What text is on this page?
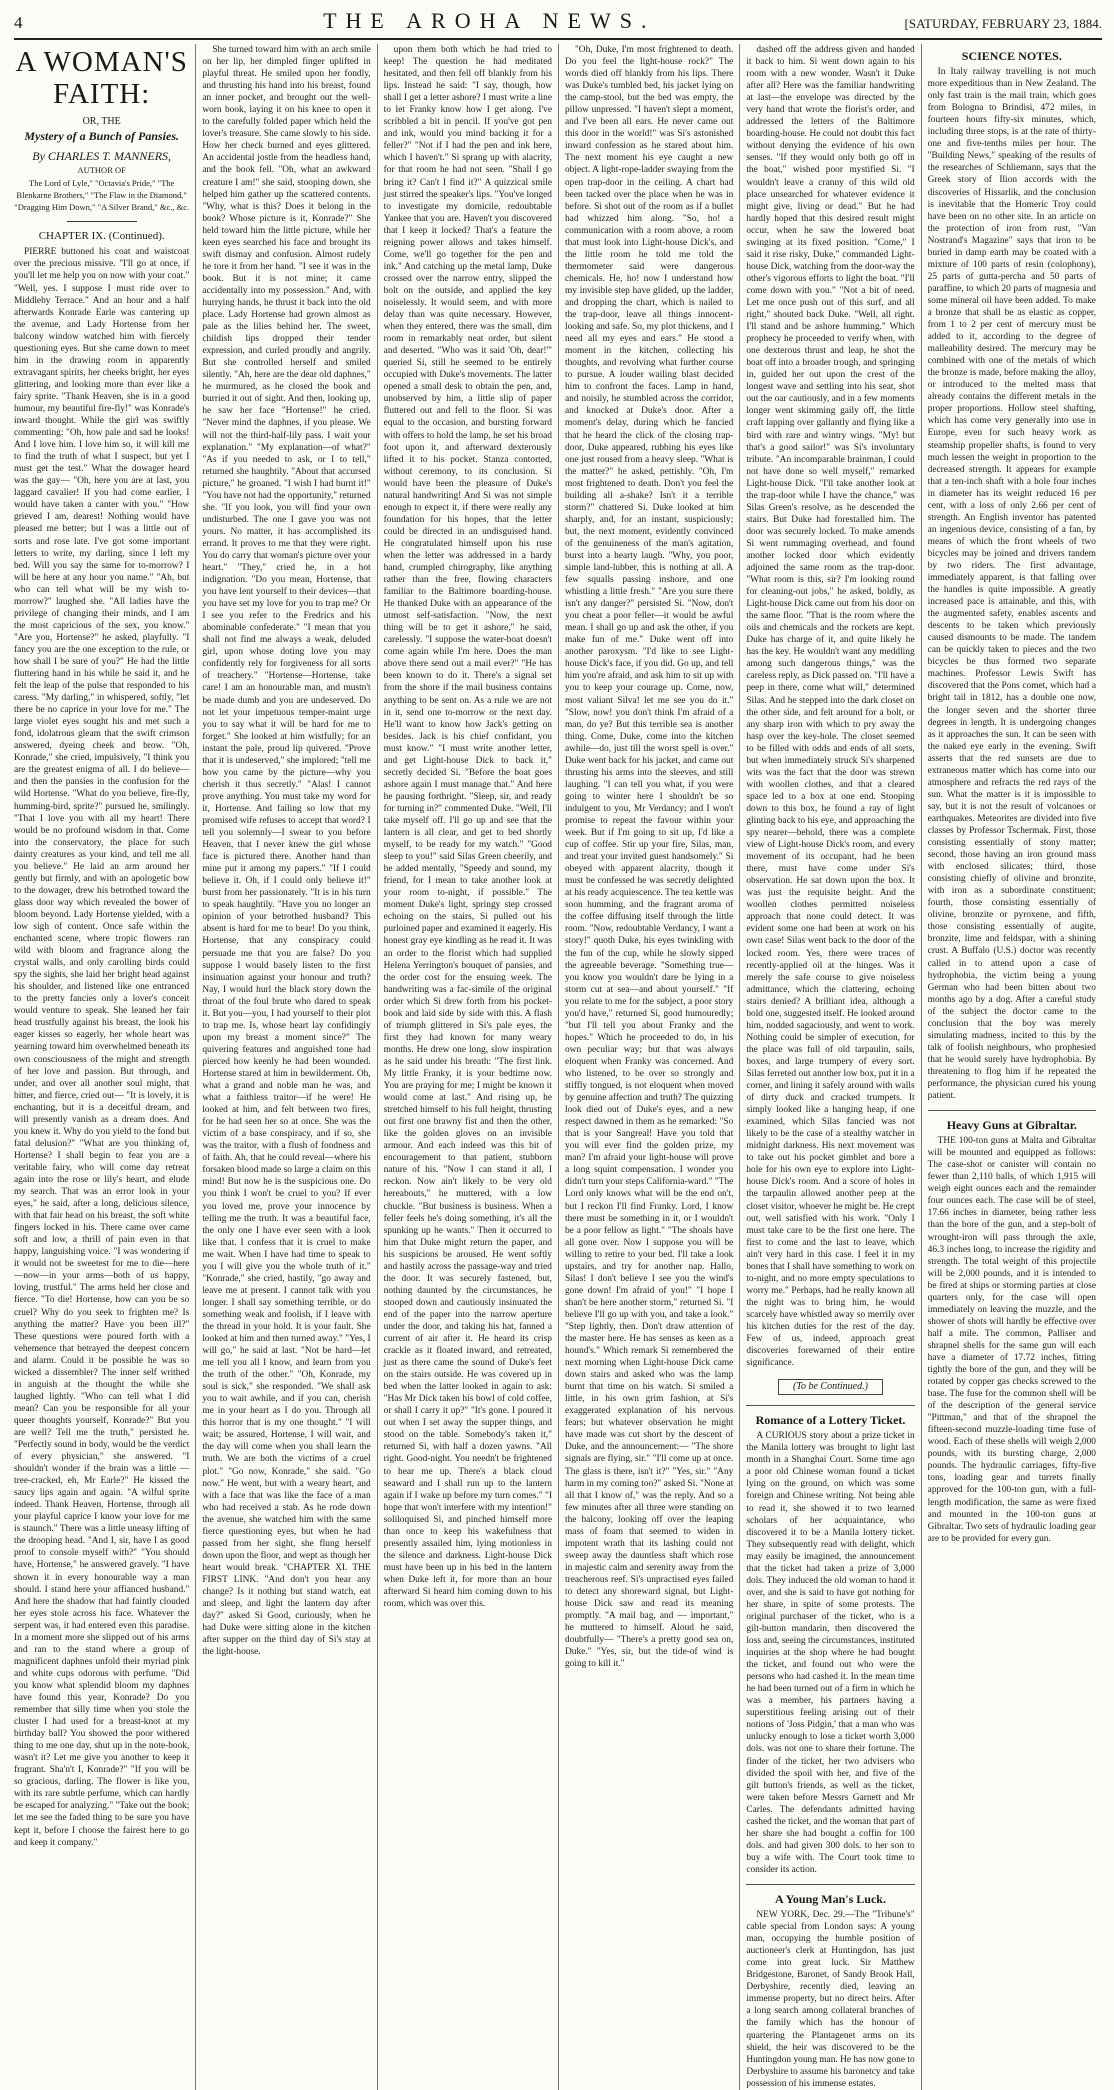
4	THE AROHA NEWS.	[SATURDAY, FEBRUARY 23, 1884.
A WOMAN'S FAITH:
OR, THE
Mystery of a Bunch of Pansies.
By CHARLES T. MANNERS,
AUTHOR OF
The Lord of Lyle," "Octavia's Pride," "The Blenkarne Brothers," "The Flaw in the Diamond," "Dragging Him Down," "A Silver Brand," &c., &c.
CHAPTER IX. (Continued).

PIERRE buttoned his coat and waistcoat over the precious missive. "I'll go at once, if you'll let me help you on now with your coat." "Well, yes. I suppose I must ride over to Middleby Terrace." And an hour and a half afterwards Konrade Earle was cantering up the avenue, and Lady Hortense from her balcony window watched him with fiercely questioning eyes. But she came down to meet him in the drawing room in apparently extravagant spirits, her cheeks bright, her eyes glittering, and looking more than ever like a fairy sprite. "Thank Heaven, she is in a good humour, my beautiful fire-fly!" was Konrade's inward thought. While the girl was swiftly commenting: "Oh, how pale and sad he looks! And I love him. I love him so, it will kill me to find the truth of what I suspect, but yet I must get the test." What the dowager heard was the gay— "Oh, here you are at last, you laggard cavalier! If you had come earlier, I would have taken a canter with you." "How grieved I am, dearest! Nothing would have pleased me better; but I was a little out of sorts and rose late. I've got some important letters to write, my darling, since I left my bed. Will you say the same for to-morrow? I will be here at any hour you name." "Ah, but who can tell what will be my wish to-morrow?" laughed she. "All ladies have the privilege of changing their minds, and I am the most capricious of the sex, you know." "Are you, Hortense?" he asked, playfully. "I fancy you are the one exception to the rule, or how shall I be sure of you?" He had the little fluttering hand in his while he said it, and he felt the leap of the pulse that responded to his caress. "My darling," in whispered, softly, "let there be no caprice in your love for me." The large violet eyes sought his and met such a fond, idolatrous gleam that the swift crimson answered, dyeing cheek and brow. "Oh, Konrade," she cried, impulsively, "I think you are the greatest enigma of all. I do believe—and then the pansies in the confusion for the wild Hortense. "What do you believe, fire-fly, humming-bird, sprite?" pursued he, smilingly. "That I love you with all my heart! There would be no profound wisdom in that. Come into the conservatory, the place for such dainty creatures as your kind, and tell me all you believe." He laid an arm around her gently but firmly, and with an apologetic bow to the dowager, drew his betrothed toward the glass door way which revealed the bower of bloom beyond. Lady Hortense yielded, with a low sigh of content. Once safe within the enchanted scene, where tropic flowers ran wild with bloom and fragrance along the crystal walls, and only carolling birds could spy the sights, she laid her bright head against his shoulder, and listened like one entranced to the pretty fancies only a lover's conceit would venture to speak. She leaned her fair head trustfully against his breast, the look his eager kisses so eagerly, her whole heart was yearning toward him overwhelmed beneath its own consciousness of the might and strength of her love and passion. But through, and under, and over all another soul might, that bitter, and fierce, cried out— "It is lovely, it is enchanting, but it is a deceitful dream, and will presently vanish as a dream does. And you knew it. Why do you yield to the fond but fatal delusion?" "What are you thinking of, Hortense? I shall begin to fear you are a veritable fairy, who will come day retreat again into the rose or lily's heart, and elude my search. That was an error look in your eyes," he said, after a long, delicious silence, with that fair head on his breast, the soft white fingers locked in his. There came over came soft and low, a thrill of pain even in that happy, languishing voice. "I was wondering if it would not be sweetest for me to die—here—now—in your arms—both of us happy, loving, trustful." The arms held her close and fierce. "To die! Hortense, how can you be so cruel? Why do you seek to frighten me? Is anything the matter? Have you been ill?" These questions were poured forth with a vehemence that betrayed the deepest concern and alarm. Could it be possible he was so wicked a dissembler? The inner self writhed in anguish at the thought the while she laughed lightly. "Who can tell what I did mean? Can you be responsible for all your queer thoughts yourself, Konrade?" But you are well? Tell me the truth," persisted he. "Perfectly sound in body, would be the verdict of every physician," she answered. "I shouldn't wonder if the brain was a little —tree-cracked, eh, Mr Earle?" He kissed the saucy lips again and again. "A wilful sprite indeed. Thank Heaven, Hortense, through all your playful caprice I know your love for me is staunch." There was a little uneasy lifting of the drooping head. "And I, sir, have I as good proof to console myself with?" "You should have, Hortense," he answered gravely. "I have shown it in every honourable way a man should. I stand here your affianced husband." And here the shadow that had faintly clouded her eyes stole across his face. Whatever the serpent was, it had entered even this paradise. In a moment more she slipped out of his arms and ran to the stand where a group of magnificent daphnes unfold their myriad pink and white cups odorous with perfume. "Did you know what splendid bloom my daphnes have found this year, Konrade? Do you remember that silly time when you stole the cluster I had used for a breast-knot at my birthday ball? You showed the poor withered thing to me one day, shut up in the note-book, wasn't it? Let me give you another to keep it fragrant. Sha'n't I, Konrade?" "If you will be so gracious, darling. The flower is like you, with its rare subtle perfume, which can hardly be escaped for analyzing." "Take out the book; let me see the faded thing to be sure you have kept it, before I choose the fairest here to go and keep it company."

She turned toward him with an arch smile on her lip, her dimpled finger uplifted in playful threat. He smiled upon her fondly, and thrusting his hand into his breast, found an inner pocket, and brought out the well-worn book, laying it on his knee to open it to the carefully folded paper which held the lover's treasure. She came slowly to his side. How her check burned and eyes glittered. An accidental jostle from the headless hand, and the book fell. "Oh, what an awkward creature I am!" she said, stooping down, she helped him gather up the scattered contents. "Why, what is this? Does it belong in the book? Whose picture is it, Konrade?" She held toward him the little picture, while her keen eyes searched his face and brought its swift dismay and confusion. Almost rudely he tore it from her hand. "I see it was in the book. But it is not mine; it came accidentally into my possession." And, with hurrying hands, he thrust it back into the old place. Lady Hortense had grown almost as pale as the lilies behind her. The sweet, childish lips dropped their tender expression, and curled proudly and angrily. But she controlled herself and smiled silently. "Ah, here are the dear old daphnes," he murmured, as he closed the book and burried it out of sight. And then, looking up, he saw her face "Hortense!" he cried. "Never mind the daphnes, if you please. We will not the third-half-lily pass. I wait your explanation." "My explanation—of what?" "As if you needed to ask, or I to tell," returned she haughtily. "About that accursed picture," he groaned. "I wish I had burnt it!" "You have not had the opportunity," returned she. "If you look, you will find your own undisturbed. The one I gave you was not yours. No matter, it has accomplished its errand. It proves to me that they were right. You do carry that woman's picture over your heart." "They," cried he, in a hot indignation. "Do you mean, Hortense, that you have lent yourself to their devices—that you have set my love for you to trap me? Or I see you refer to the Fredrics and his abominable confederate." "I mean that you shall not find me always a weak, deluded girl, upon whose doting love you may confidently rely for forgiveness for all sorts of treachery." "Hortense—Hortense, take care! I am an honourable man, and mustn't be made dumb and you are undeserved. Do not let your impetuous temper-maint urge you to say what it will be hard for me to forget." She looked at him wistfully; for an instant the pale, proud lip quivered. "Prove that it is undeserved," she implored; "tell me how you came by the picture—why you cherish it thus secretly." "Alas! I cannot prove anything. You must take my word for it, Hortense. And failing so low that my promised wife refuses to accept that word? I tell you solemnly—I swear to you before Heaven, that I never knew the girl whose face is pictured there. Another hand than mine put it among my papers." "If I could believe it. Oh, if I could only believe it!" burst from her passionately. "It is in his turn to speak haughtily. "Have you no longer an opinion of your betrothed husband? This absent is hard for me to bear! Do you think, Hortense, that any conspiracy could persuade me that you are false? Do you suppose I would basely listen to the first insinuation against your honour and truth? Nay, I would hurl the black story down the throat of the foul brute who dared to speak it. But you—you, I had yourself to their plot to trap me. Is, whose heart lay confidingly upon my breast a moment since?" The quivering features and anguished tone had pierced how keenly he had been wounded. Hortense stared at him in bewilderment. Oh, what a grand and noble man he was, and what a faithless traitor—if he were! He looked at him, and felt between two fires, for he had seen her so at once. She was the victim of a base conspiracy, and if so, she was the traitor, with a flush of fondness and of faith. Ah, that he could reveal—where his forsaken blood made so large a claim on this mind! But now he is the suspicious one. Do you think I won't be cruel to you? If ever you loved me, prove your innocence by telling me the truth. It was a beautiful face, the only one I have ever seen with a look like that. I confess that it is cruel to make me wait. When I have had time to speak to you I will give you the whole truth of it." "Konrade," she cried, hastily, "go away and leave me at present. I cannot talk with you longer. I shall say something terrible, or do something weak and foolish, if I leave with the thread in your hold. It is your fault. She looked at him and then turned away." "Yes, I will go," he said at last. "Not be hard—let me tell you all I know, and learn from you the truth of the other." "Oh, Konrade, my soul is sick," she responded. "We shall ask you to wait awhile, and if you can, cherish me in your heart as I do you. Through all this horror that is my one thought." "I will wait; be assured, Hortense, I will wait, and the day will come when you shall learn the truth. We are both the victims of a cruel plot." "Go now, Konrade," she said. "Go now." He went, but with a weary heart, and with a face that was like the face of a man who had received a stab. As he rode down the avenue, she watched him with the same fierce questioning eyes, but when he had passed from her sight, she flung herself down upon the floor, and wept as though her heart would break. "CHAPTER XI. THE FIRST LINK. "And don't you hear any change? Is it nothing but stand watch, eat and sleep, and light the lantern day after day?" asked Si Good, curiously, when he had Duke were sitting alone in the kitchen after supper on the third day of Si's stay at the light-house.

upon them both which he had tried to keep! The question he had meditated hesitated, and then fell off blankly from his lips. Instead he said: "I say, though, how shall I get a letter ashore? I must write a line to let Franky know how I get along. I've scribbled a bit in pencil. If you've got pen and ink, would you mind backing it for a feller?" "Not if I had the pen and ink here, which I haven't." Si sprang up with alacrity, for that room he had not seen. "Shall I go bring it? Can't I find it?" A quizzical smile just stirred the speaker's lips. "You've longed to investigate my domicile, redoubtable Yankee that you are. Haven't you discovered that I keep it locked? That's a feature the reigning power allows and takes himself. Come, we'll go together for the pen and ink." And catching up the metal lamp, Duke crossed over the narrow entry, slipped the bolt on the outside, and applied the key noiselessly. It would seem, and with more delay than was quite necessary. However, when they entered, there was the small, dim room in remarkably neat order, but silent and deserted. "Who was it said 'Oh, dear!'" queried Si, still he seemed to be entirely occupied with Duke's movements. The latter opened a small desk to obtain the pen, and, unobserved by him, a little slip of paper fluttered out and fell to the floor. Si was equal to the occasion, and bursting forward with offers to hold the lamp, he set his broad foot upon it, and afterward dexterously lifted it to his pocket. Stanza contorted, without ceremony, to its conclusion. Si would have been the pleasure of Duke's natural handwriting! And Si was not simple enough to expect it, if there were really any foundation for his hopes, that the letter could be directed in an undisguised hand. He congratulated himself upon his ruse when the letter was addressed in a hardy hand, crumpled chirography, like anything rather than the free, flowing characters familiar to the Baltimore boarding-house. He thanked Duke with an appearance of the utmost self-satisfaction. "Now, the next thing will be to get it ashore," he said, carelessly. "I suppose the water-boat doesn't come again while I'm here. Does the man above there send out a mail ever?" "He has been known to do it. There's a signal set from the shore if the mail business contains anything to be sent on. As a rule we are not in it, send one to-morrow or the next day. He'll want to know how Jack's getting on besides. Jack is his chief confidant, you must know." "I must write another letter, and get Light-house Dick to back it," secretly decided Si. "Before the boat goes ashore again I must manage that." And here he pausing forthright. "Sleep, sir, and ready for turning in?" commented Duke. "Well, I'll take myself off. I'll go up and see that the lantern is all clear, and get to bed shortly myself, to be ready for my watch." "Good sleep to you!" said Silas Green cheerily, and he added mentally, "Speedy and sound, my friend, for I mean to take another look at your room to-night, if possible." The moment Duke's light, springy step crossed echoing on the stairs, Si pulled out his purloined paper and examined it eagerly. His honest gray eye kindling as he read it. It was an order to the florist which had supplied Helena Yerrington's bouquet of pansies, and the order cost for the ensuing week. The handwriting was a fac-simile of the original order which Si drew forth from his pocket-book and laid side by side with this. A flash of triumph glittered in Si's pale eyes, the first they had known for many weary months. He drew one long, slow inspiration as he said under his breath: "The first link. My little Franky, it is your bedtime now. You are praying for me; I might be known it would come at last." And rising up, he stretched himself to his full height, thrusting out first one brawny fist and then the other, like the golden gloves on an invisible armour. And each indeed was this bit of encouragement to that patient, stubborn nature of his. "Now I can stand it all, I reckon. Now ain't likely to be very old hereabouts," he muttered, with a low chuckle. "But business is business. When a feller feels he's doing something, it's all the spunking up he wants." Then it occurred to him that Duke might return the paper, and his suspicions be aroused. He went softly and hastily across the passage-way and tried the door. It was securely fastened, but, nothing daunted by the circumstances, he stooped down and cautiously insinuated the end of the paper into the narrow aperture under the door, and taking his hat, fanned a current of air after it. He heard its crisp crackle as it floated inward, and retreated, just as there came the sound of Duke's feet on the stairs outside. He was covered up in bed when the latter looked in again to ask: "Has Mr Dick taken his bowl of cold coffee, or shall I carry it up?" "It's gone. I poured it out when I set away the supper things, and stood on the table. Somebody's taken it," returned Si, with half a dozen yawns. "All right. Good-night. You needn't be frightened to hear me up. There's a black cloud seaward and I shall run up to the lantern again if I wake up before my turn comes." "I hope that won't interfere with my intention!" soliloquised Si, and pinched himself more than once to keep his wakefulness that presently assailed him, lying motionless in the silence and darkness. Light-house Dick must have been up in his bed in the lantern when Duke left it, for more than an hour afterward Si heard him coming down to his room, which was over this.

"Oh, Duke, I'm most frightened to death. Do you feel the light-house rock?" The words died off blankly from his lips. There was Duke's tumbled bed, his jacket lying on the camp-stool, but the bed was empty, the pillow unpressed. "I haven't slept a moment, and I've been all ears. He never came out this door in the world!" was Si's astonished inward confession as he stared about him. The next moment his eye caught a new object. A light-rope-ladder swaying from the open trap-door in the ceiling. A chart had been tacked over the place when he was in before. Si shot out of the room as if a bullet had whizzed him along. "So, ho! a communication with a room above, a room that must look into Light-house Dick's, and the little room he told me told the thermometer said were dangerous chemicals. He, ho! now I understand how my invisible step have glided, up the ladder, and dropping the chart, which is nailed to the trap-door, leave all things innocent-looking and safe. So, my plot thickens, and I need all my eyes and ears." He stood a moment in the kitchen, collecting his thoughts, and revolving what further course to pursue. A louder wailing blast decided him to confront the faces. Lamp in hand, and noisily, he stumbled across the corridor, and knocked at Duke's door. After a moment's delay, during which he fancied that he heard the click of the closing trap-door, Duke appeared, rubbing his eyes like one just roused from a heavy sleep. "What is the matter?" he asked, pettishly. "Oh, I'm most frightened to death. Don't you feel the building all a-shake? Isn't it a terrible storm?" chattered Si. Duke looked at him sharply, and, for an instant, suspiciously; but, the next moment, evidently convinced of the genuineness of the man's agitation, burst into a hearty laugh. "Why, you poor, simple land-lubber, this is nothing at all. A few squalls passing inshore, and one whistling a little fresh." "Are you sure there isn't any danger?" persisted Si. "Now, don't you cheat a poor feller—it would be awful mean. I shall go up and ask the other, if you make fun of me." Duke went off into another paroxysm. "I'd like to see Light-house Dick's face, if you did. Go up, and tell him you're afraid, and ask him to sit up with you to keep your courage up. Come, now, most valiant Silva! let me see you do it." "Slow, now! you don't think I'm afraid of a man, do ye? But this terrible sea is another thing. Come, Duke, come into the kitchen awhile—do, just till the worst spell is over." Duke went back for his jacket, and came out thrusting his arms into the sleeves, and still laughing. "I can tell you what, if you were going to winter here I shouldn't be so indulgent to you, Mr Verdancy; and I won't promise to repeat the favour within your week. But if I'm going to sit up, I'd like a cup of coffee. Stir up your fire, Silas, man, and treat your invited guest handsomely." Si obeyed with apparent alacrity, though it must be confessed he was secretly delighted at his ready acquiescence. The tea kettle was soon humming, and the fragrant aroma of the coffee diffusing itself through the little room. "Now, redoubtable Verdancy, I want a story!" quoth Duke, his eyes twinkling with the fun of the cup, while he slowly sipped the agreeable beverage. "Something true—you know you wouldn't dare be lying in a storm cut at sea—and about yourself." "If you relate to me for the subject, a poor story you'd have," returned Si, good humouredly; "but I'll tell you about Franky and the hopes." Which he proceeded to do, in his own peculiar way; but that was always eloquent when Franky was concerned. And who listened, to be over so strongly and stiffly tongued, is not eloquent when moved by genuine affection and truth? The quizzing look died out of Duke's eyes, and a new respect dawned in them as he remarked: "So that is your Sangreal! Have you told that you will ever find the golden prize, my man? I'm afraid your light-house will prove a long squint compensation. I wonder you didn't turn your steps California-ward." "The Lord only knows what will be the end on't, but I reckon I'll find Franky. Lord, I know there must be something in it, or I wouldn't be a poor fellow as light." "The shoals have all gone over. Now I suppose you will be willing to retire to your bed. I'll take a look upstairs, and try for another nap. Hallo, Silas! I don't believe I see you the wind's gone down! I'm afraid of you!" "I hope I shan't be here another storm," returned Si. "I believe I'll go up with you, and take a look." "Step lightly, then. Don't draw attention of the master here. He has senses as keen as a hound's." Which remark Si remembered the next morning when Light-house Dick came down stairs and asked who was the lamp burnt that time on his watch. Si smiled a little, in his own grim fashion, at Si's exaggerated explanation of his nervous fears; but whatever observation he might have made was cut short by the descent of Duke, and the announcement:— "The shore signals are flying, sir." "I'll come up at once. The glass is there, isn't it?" "Yes, sir." "Any harm in my coming too?" asked Si. "None at all that I know of," was the reply. And so a few minutes after all three were standing on the balcony, looking off over the leaping mass of foam that seemed to widen in impotent wrath that its lashing could not sweep away the dauntless shaft which rose in majestic calm and serenity away from the treacherous reef. Si's unpractised eyes failed to detect any shoreward signal, but Light-house Dick saw and read its meaning promptly. "A mail bag, and — important," he muttered to himself. Aloud he said, doubtfully— "There's a pretty good sea on, Duke." "Yes, sir, but the tide-of wind is going to kill it."

dashed off the address given and handed it back to him. Si went down again to his room with a new wonder. Wasn't it Duke after all? Here was the familiar handwriting at last—the envelope was directed by the very hand that wrote the florist's order, and addressed the letters of the Baltimore boarding-house. He could not doubt this fact without denying the evidence of his own senses. "If they would only both go off in the boat," wished poor mystified Si. "I wouldn't leave a cranny of this wild old place unsearched for whatever evidence it might give, living or dead." But he had hardly hoped that this desired result might occur, when he saw the lowered boat swinging at its fixed position. "Come," I said it rise risky, Duke," commanded Light-house Dick, watching from the door-way the other's vigorous efforts to light the boat. "I'll come down with you." "Not a bit of need. Let me once push out of this surf, and all right," shouted back Duke. "Well, all right. I'll stand and be ashore humming." Which prophecy he proceeded to verify when, with one dexterous thrust and leap, he shot the boat off into a broader trough, and springing in, guided her out upon the crest of the longest wave and settling into his seat, shot out the oar cautiously, and in a few moments longer went skimming gaily off, the little craft lapping over gallantly and flying like a bird with rare and wintry wings. "My! but that's a good sailor!" was Si's involuntary tribute. "An incomparable brainman, I could not have done so well myself," remarked Light-house Dick. "I'll take another look at the trap-door while I have the chance," was Silas Green's resolve, as he descended the stairs. But Duke had forestalled him. The door was securely locked. To make amends Si went rummaging overhead, and found another locked door which evidently adjoined the same room as the trap-door. "What room is this, sir? I'm looking round for cleaning-out jobs," he asked, boldly, as Light-house Dick came out from his door on the same floor. "That is the room where the oils and chemicals and the rockets are kept. Duke has charge of it, and quite likely he has the key. He wouldn't want any meddling among such dangerous things," was the careless reply, as Dick passed on. "I'll have a peep in there, come what will," determined Silas. And he stepped into the dark closet on the other side, and felt around for a bolt, or any sharp iron with which to pry away the hasp over the key-hole. The closet seemed to be filled with odds and ends of all sorts, but when immediately struck Si's sharpened wits was the fact that the door was strewn with woollen clothes, and that a cleared space led to a box at one end. Stooping down to this box, he found a ray of light glinting back to his eye, and approaching the spy nearer—behold, there was a complete view of Light-house Dick's room, and every movement of its occupant, had he been there, must have come under Si's observation. He sat down upon the box. It was just the requisite height. And the woollen clothes permitted noiseless approach that none could detect. It was evident some one had been at work on his own case! Silas went back to the door of the locked room. Yes, there were traces of recently-applied oil at the hinges. Was it merely the safe course to give noiseless admittance, which the clattering, echoing stairs denied? A brilliant idea, although a bold one, suggested itself. He looked around him, nodded sagaciously, and went to work. Nothing could be simpler of execution, for the place was full of old tarpaulin, sails, boxes, and large trumpery of every sort. Silas ferreted out another low box, put it in a corner, and lining it safely around with walls of dirty duck and cracked trumpets. It simply looked like a hanging heap, if one examined, which Silas fancied was not likely to be the case of a stealthy watcher in midnight darkness. His next movement was to take out his pocket gimblet and bore a hole for his own eye to explore into Light-house Dick's room. And a score of holes in the tarpaulin allowed another peep at the closet visitor, whoever he might be. He crept out, well satisfied with his work. "Only I must take care to be the first one here. The first to come and the last to leave, which ain't very hard in this case. I feel it in my bones that I shall have something to work on to-night, and no more empty speculations to worry me." Perhaps, had he really known all the night was to bring him, he would scarcely have whistled away so merrily over his kitchen duties for the rest of the day. Few of us, indeed, approach great discoveries forewarned of their entire significance.

(To be Continued.)
Romance of a Lottery Ticket.

A CURIOUS story about a prize ticket in the Manila lottery was brought to light last month in a Shanghai Court. Some time ago a poor old Chinese woman found a ticket lying on the ground, on which was some foreign and Chinese writing. Not being able to read it, she showed it to two learned scholars of her acquaintance, who discovered it to be a Manila lottery ticket. They subsequently read with delight, which may easily be imagined, the announcement that the ticket had taken a prize of 3,000 dols. They induced the old woman to hand it over, and she is said to have got nothing for her share, in spite of some protests. The original purchaser of the ticket, who is a gilt-button mandarin, then discovered the loss and, seeing the circumstances, instituted inquiries at the shop where he had bought the ticket, and found out who were the persons who had cashed it. In the mean time he had been turned out of a firm in which he was a member, his partners having a superstitious feeling arising out of their notions of 'Joss Pidgin,' that a man who was unlucky enough to lose a ticket worth 3,000 dols. was not one to share their fortune. The finder of the ticket, her two advisers who divided the spoil with her, and five of the gilt button's friends, as well as the ticket, were taken before Messrs Garnett and Mr Carles. The defendants admitted having cashed the ticket, and the woman that part of her share she had bought a coffin for 100 dols. and had given 300 dols. to her son to buy a wife with. The Court took time to consider its action.

A Young Man's Luck.

NEW YORK, Dec. 29.—The "Tribune's" cable special from London says: A young man, occupying the humble position of auctioneer's clerk at Huntingdon, has just come into great luck. Sir Matthew Bridgestone, Baronet, of Sandy Brook Hall, Derbyshire, recently died, leaving an immense property, but no direct heirs. After a long search among collateral branches of the family which has the honour of quartering the Plantagenet arms on its shield, the heir was discovered to be the Huntingdon young man. He has now gone to Derbyshire to assume his baronetcy and take possession of his immense estates.

SCIENCE NOTES.

In Italy railway travelling is not much more expeditious than in New Zealand. The only fast train is the mail train, which goes from Bologna to Brindisi, 472 miles, in fourteen hours fifty-six minutes, which, including three stops, is at the rate of thirty-one and five-tenths miles per hour. The "Building News," speaking of the results of the researches of Schliemann, says that the Greek story of Ilion accords with the discoveries of Hissarlik, and the conclusion is inevitable that the Homeric Troy could have been on no other site. In an article on the protection of iron from rust, "Van Nostrand's Magazine" says that iron to be buried in damp earth may be coated with a mixture of 100 parts of resin (colophony), 25 parts of gutta-percha and 50 parts of paraffine, to which 20 parts of magnesia and some mineral oil have been added. To make a bronze that shall be as elastic as copper, from 1 to 2 per cent of mercury must be added to it, according to the degree of malleability desired. The mercury may be combined with one of the metals of which the bronze is made, before making the alloy, or introduced to the melted mass that already contains the different metals in the proper proportions. Hollow steel shafting, which has come very generally into use in Europe, even for such heavy work as steamship propeller shafts, is found to very much lessen the weight in proportion to the decreased strength. It appears for example that a ten-inch shaft with a hole four inches in diameter has its weight reduced 16 per cent, with a loss of only 2.66 per cent of strength. An English inventor has patented an ingenious device, consisting of a fan, by means of which the front wheels of two bicycles may be joined and drivers tandem by two riders. The first advantage, immediately apparent, is that falling over the handles is quite impossible. A greatly increased pace is attainable, and this, with the augmented safety, enables ascents and descents to be taken which previously caused dismounts to be made. The tandem can be quickly taken to pieces and the two bicycles be thus formed two separate machines. Professor Lewis Swift has discovered that the Pons comet, which had a bright tail in 1812, has a double one now, the longer seven and the shorter three degrees in length. It is undergoing changes as it approaches the sun. It can be seen with the naked eye early in the evening. Swift asserts that the red sunsets are due to extraneous matter which has come into our atmosphere and refracts the red rays of the sun. What the matter is it is impossible to say, but it is not the result of volcanoes or earthquakes. Meteorites are divided into five classes by Professor Tschermak. First, those consisting essentially of stony matter; second, those having an iron ground mass with enclosed silicates; third, those consisting chiefly of olivine and bronzite, with iron as a subordinate constituent; fourth, those consisting essentially of olivine, bronzite or pyroxene, and fifth, those consisting essentially of augite, bronzite, lime and feldspar, with a shining crust. A Buffalo (U.S.) doctor was recently called in to attend upon a case of hydrophobia, the victim being a young German who had been bitten about two months ago by a dog. After a careful study of the subject the doctor came to the conclusion that the boy was merely simulating madness, incited to this by the talk of foolish neighbours, who prophesied that he would surely have hydrophobia. By threatening to flog him if he repeated the performance, the physician cured his young patient.

Heavy Guns at Gibraltar.

THE 100-ton guns at Malta and Gibraltar will be mounted and equipped as follows: The case-shot or canister will contain no fewer than 2,110 balls, of which 1,915 will weigh eight ounces each and the remainder four ounces each. The case will be of steel, 17.66 inches in diameter, being rather less than the bore of the gun, and a step-bolt of wrought-iron will pass through the axle, 46.3 inches long, to increase the rigidity and strength. The total weight of this projectile will be 2,000 pounds, and it is intended to be fired at ships or storming parties at close quarters only, for the case will open immediately on leaving the muzzle, and the shower of shots will hardly be effective over half a mile. The common, Palliser and shrapnel shells for the same gun will each have a diameter of 17.72 inches, fitting tightly the bore of the gun, and they will be rotated by copper gas checks screwed to the base. The fuse for the common shell will be of the description of the general service "Pittman," and that of the shrapnel the fifteen-second muzzle-loading time fuse of wood. Each of these shells will weigh 2,000 pounds, with its bursting charge, 2,000 pounds. The hydraulic carriages, fifty-five tons, loading gear and turrets finally approved for the 100-ton gun, with a full-length modification, the same as were fixed and mounted in the 100-ton guns at Gibraltar. Two sets of hydraulic loading gear are to be provided for every gun.
